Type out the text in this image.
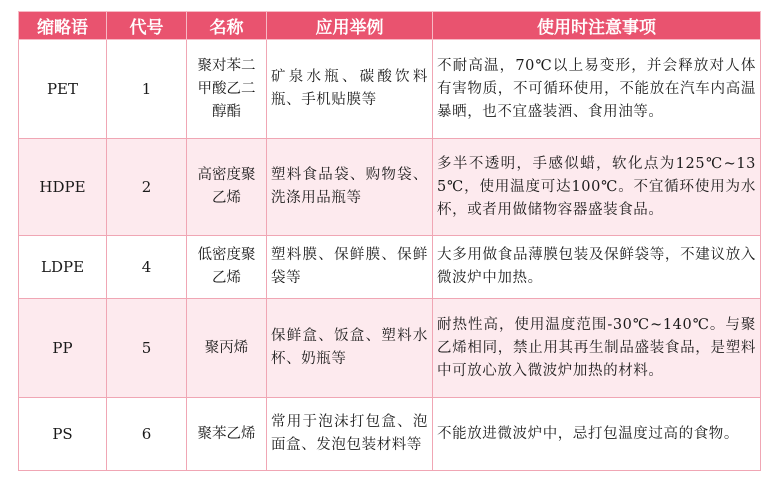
缩略语	代号	名称	应用举例	使用时注意事项
PET	1	聚对苯二甲酸乙二醇酯	矿泉水瓶、碳酸饮料瓶、手机贴膜等	不耐高温，70℃以上易变形，并会释放对人体有害物质，不可循环使用，不能放在汽车内高温暴晒，也不宜盛装酒、食用油等。
HDPE	2	高密度聚乙烯	塑料食品袋、购物袋、洗涤用品瓶等	多半不透明，手感似蜡，软化点为125℃~135℃，使用温度可达100℃。不宜循环使用为水杯，或者用做储物容器盛装食品。
LDPE	4	低密度聚乙烯	塑料膜、保鲜膜、保鲜袋等	大多用做食品薄膜包装及保鲜袋等，不建议放入微波炉中加热。
PP	5	聚丙烯	保鲜盒、饭盒、塑料水杯、奶瓶等	耐热性高，使用温度范围-30℃~140℃。与聚乙烯相同，禁止用其再生制品盛装食品，是塑料中可放心放入微波炉加热的材料。
PS	6	聚苯乙烯	常用于泡沫打包盒、泡面盒、发泡包装材料等	不能放进微波炉中，忌打包温度过高的食物。
